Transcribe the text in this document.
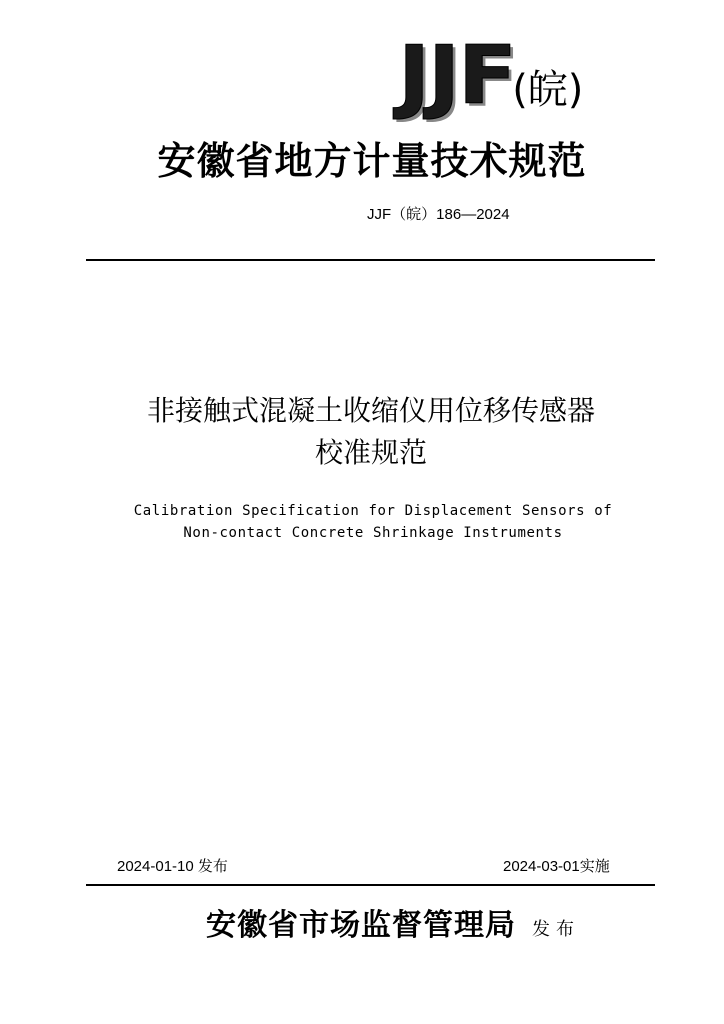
JJF
(皖)
安徽省地方计量技术规范
JJF（皖）186—2024
非接触式混凝土收缩仪用位移传感器
校准规范
Calibration Specification for Displacement Sensors of
Non-contact Concrete Shrinkage Instruments
2024-01-10 发布	2024-03-01实施
安徽省市场监督管理局 发布
